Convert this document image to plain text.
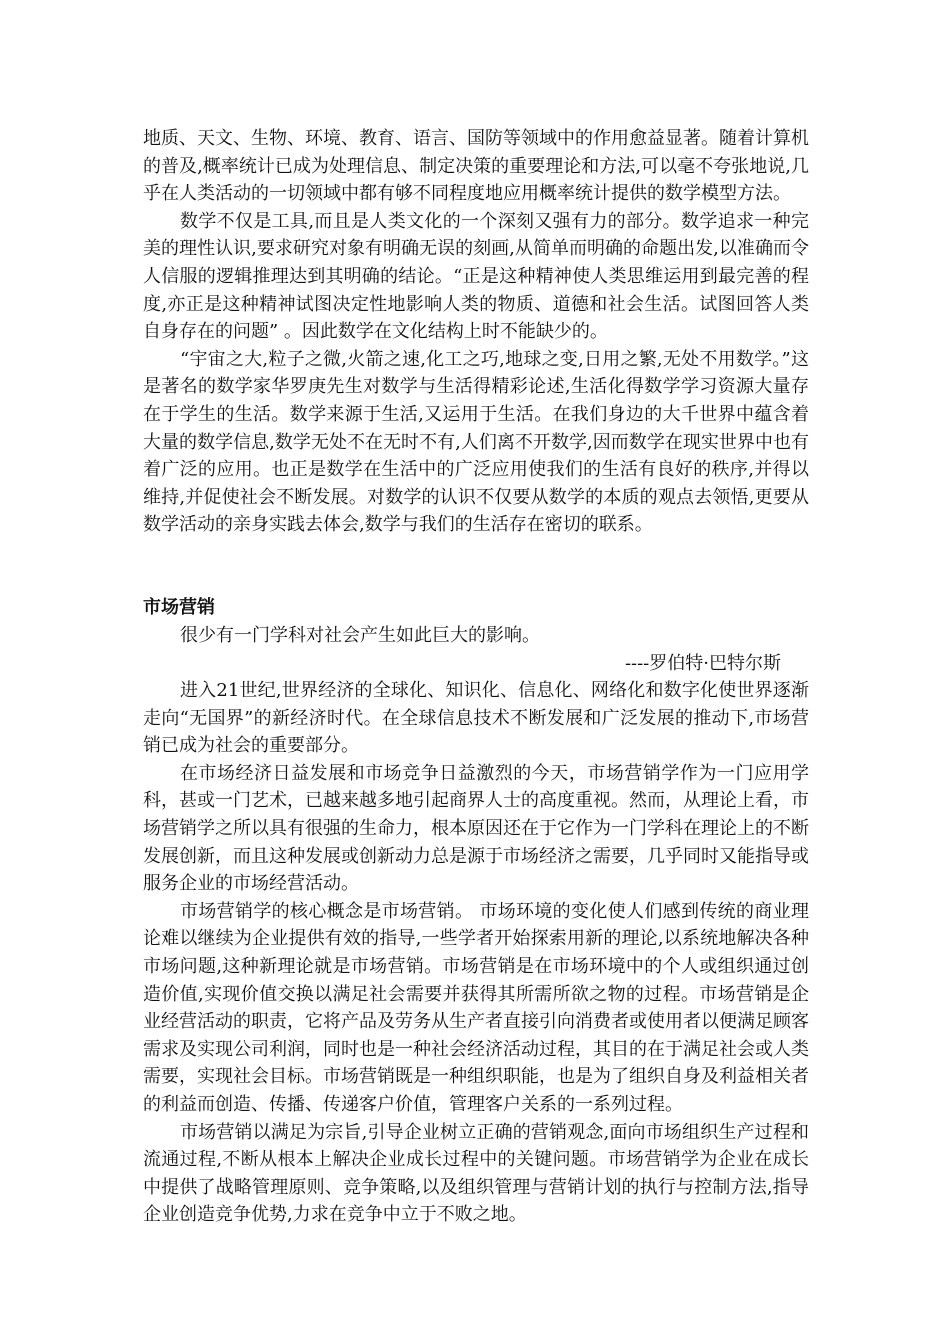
地质、天文、生物、环境、教育、语言、国防等领域中的作用愈益显著。随着计算机的普及,概率统计已成为处理信息、制定决策的重要理论和方法,可以毫不夸张地说,几乎在人类活动的一切领域中都有够不同程度地应用概率统计提供的数学模型方法。

数学不仅是工具,而且是人类文化的一个深刻又强有力的部分。数学追求一种完美的理性认识,要求研究对象有明确无误的刻画,从简单而明确的命题出发,以准确而令人信服的逻辑推理达到其明确的结论。“正是这种精神使人类思维运用到最完善的程度,亦正是这种精神试图决定性地影响人类的物质、道德和社会生活。试图回答人类自身存在的问题” 。因此数学在文化结构上时不能缺少的。

“宇宙之大,粒子之微,火箭之速,化工之巧,地球之变,日用之繁,无处不用数学。”这是著名的数学家华罗庚先生对数学与生活得精彩论述,生活化得数学学习资源大量存在于学生的生活。数学来源于生活,又运用于生活。在我们身边的大千世界中蕴含着大量的数学信息,数学无处不在无时不有,人们离不开数学,因而数学在现实世界中也有着广泛的应用。也正是数学在生活中的广泛应用使我们的生活有良好的秩序,并得以维持,并促使社会不断发展。对数学的认识不仅要从数学的本质的观点去领悟,更要从数学活动的亲身实践去体会,数学与我们的生活存在密切的联系。

市场营销

很少有一门学科对社会产生如此巨大的影响。

----罗伯特·巴特尔斯

进入21世纪,世界经济的全球化、知识化、信息化、网络化和数字化使世界逐渐走向“无国界”的新经济时代。在全球信息技术不断发展和广泛发展的推动下,市场营销已成为社会的重要部分。

在市场经济日益发展和市场竞争日益激烈的今天，市场营销学作为一门应用学科，甚或一门艺术，已越来越多地引起商界人士的高度重视。然而，从理论上看，市场营销学之所以具有很强的生命力，根本原因还在于它作为一门学科在理论上的不断发展创新，而且这种发展或创新动力总是源于市场经济之需要，几乎同时又能指导或服务企业的市场经营活动。

市场营销学的核心概念是市场营销。 市场环境的变化使人们感到传统的商业理论难以继续为企业提供有效的指导,一些学者开始探索用新的理论,以系统地解决各种市场问题,这种新理论就是市场营销。市场营销是在市场环境中的个人或组织通过创造价值,实现价值交换以满足社会需要并获得其所需所欲之物的过程。市场营销是企业经营活动的职责，它将产品及劳务从生产者直接引向消费者或使用者以便满足顾客需求及实现公司利润，同时也是一种社会经济活动过程，其目的在于满足社会或人类需要，实现社会目标。市场营销既是一种组织职能，也是为了组织自身及利益相关者的利益而创造、传播、传递客户价值，管理客户关系的一系列过程。

市场营销以满足为宗旨,引导企业树立正确的营销观念,面向市场组织生产过程和流通过程,不断从根本上解决企业成长过程中的关键问题。市场营销学为企业在成长中提供了战略管理原则、竞争策略,以及组织管理与营销计划的执行与控制方法,指导企业创造竞争优势,力求在竞争中立于不败之地。
